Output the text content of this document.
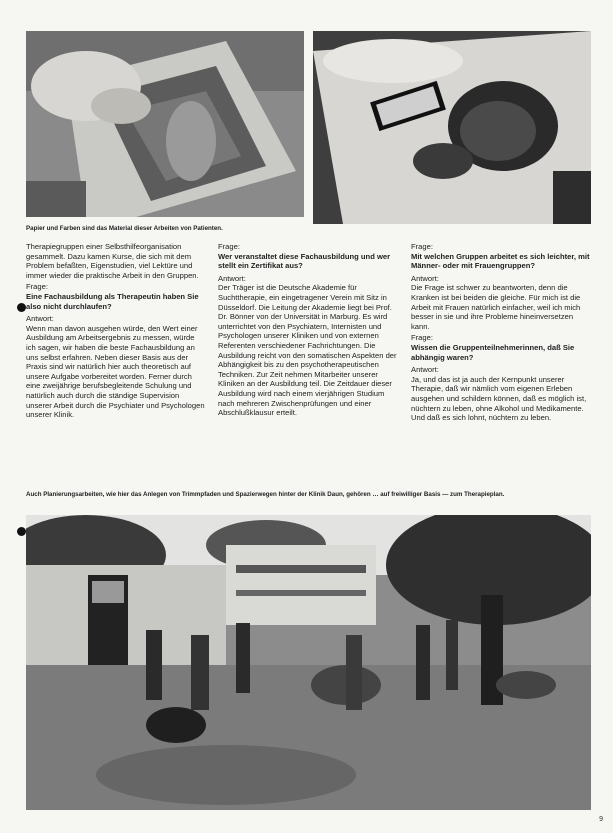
Papier und Farben sind das Material dieser Arbeiten von Patienten.

Therapiegruppen einer Selbsthilfeorganisation gesammelt. Dazu kamen Kurse, die sich mit dem Problem befaßten, Eigenstudien, viel Lektüre und immer wieder die praktische Arbeit in den Gruppen.

Frage:
Eine Fachausbildung als Therapeutin haben Sie also nicht durchlaufen?
Antwort:

Wenn man davon ausgehen würde, den Wert einer Ausbildung am Arbeitsergebnis zu messen, würde ich sagen, wir haben die beste Fachausbildung an uns selbst erfahren. Neben dieser Basis aus der Praxis sind wir natürlich hier auch theoretisch auf unsere Aufgabe vorbereitet worden. Ferner durch eine zweijährige berufsbegleitende Schulung und natürlich auch durch die ständige Supervision unserer Arbeit durch die Psychiater und Psychologen unserer Klinik.

Frage:
Wer veranstaltet diese Fachausbildung und wer stellt ein Zertifikat aus?
Antwort:

Der Träger ist die Deutsche Akademie für Suchttherapie, ein eingetragener Verein mit Sitz in Düsseldorf. Die Leitung der Akademie liegt bei Prof. Dr. Bönner von der Universität in Marburg. Es wird unterrichtet von den Psychiatern, Internisten und Psychologen unserer Kliniken und von externen Referenten verschiedener Fachrichtungen. Die Ausbildung reicht von den somatischen Aspekten der Abhängigkeit bis zu den psychotherapeutischen Techniken. Zur Zeit nehmen Mitarbeiter unserer Kliniken an der Ausbildung teil. Die Zeitdauer dieser Ausbildung wird nach einem vierjährigen Studium nach mehreren Zwischenprüfungen und einer Abschlußklausur erteilt.

Frage:
Mit welchen Gruppen arbeitet es sich leichter, mit Männer- oder mit Frauengruppen?
Antwort:

Die Frage ist schwer zu beantworten, denn die Kranken ist bei beiden die gleiche. Für mich ist die Arbeit mit Frauen natürlich einfacher, weil ich mich besser in sie und ihre Probleme hineinversetzen kann.

Frage:
Wissen die Gruppenteilnehmerinnen, daß Sie abhängig waren?
Antwort:

Ja, und das ist ja auch der Kernpunkt unserer Therapie, daß wir nämlich vom eigenen Erleben ausgehen und schildern können, daß es möglich ist, nüchtern zu leben, ohne Alkohol und Medikamente. Und daß es sich lohnt, nüchtern zu leben.

Auch Planierungsarbeiten, wie hier das Anlegen von Trimmpfaden und Spazierwegen hinter der Klinik Daun, gehören … auf freiwilliger Basis — zum Therapieplan.
9
